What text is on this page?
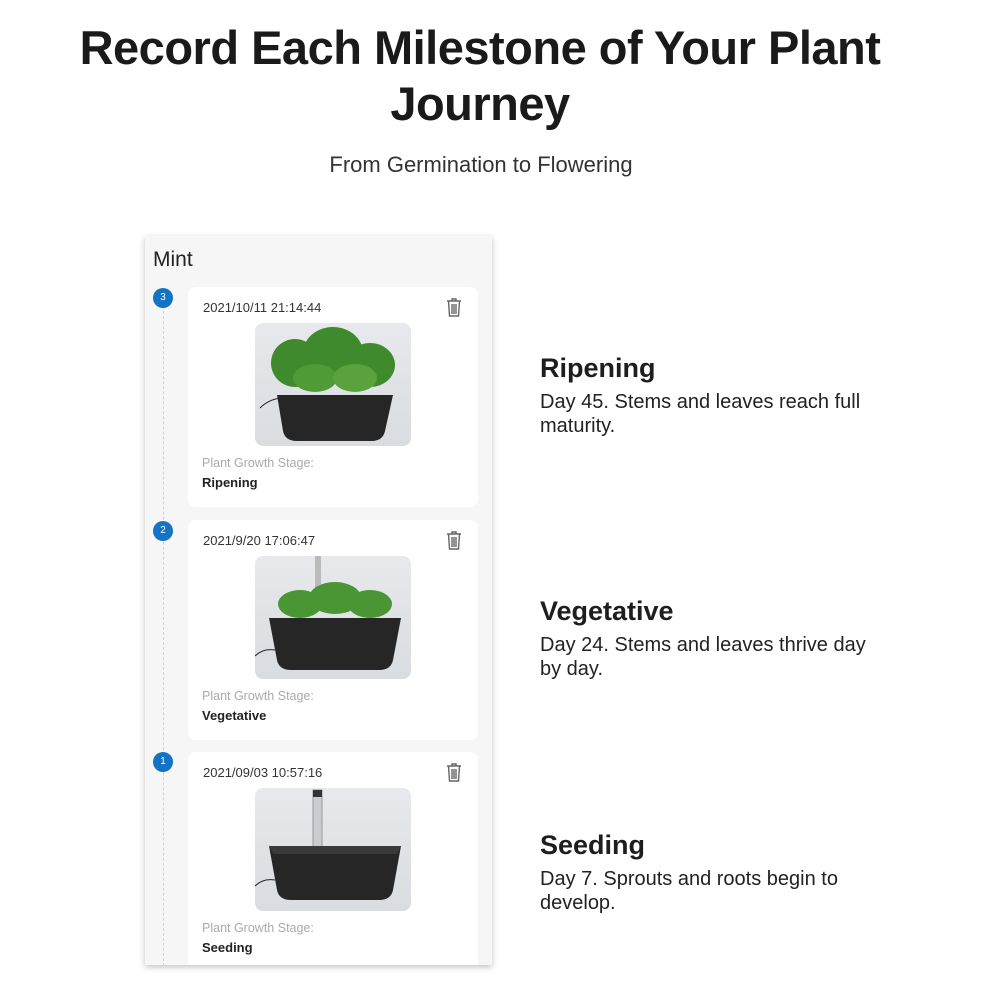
Record Each Milestone of Your Plant Journey
From Germination to Flowering
Mint
3
2021/10/11 21:14:44
Plant Growth Stage:
Ripening
2
2021/9/20 17:06:47
Plant Growth Stage:
Vegetative
1
2021/09/03 10:57:16
Plant Growth Stage:
Seeding
Ripening

Day 45. Stems and leaves reach full maturity.

Vegetative

Day 24. Stems and leaves thrive day by day.

Seeding

Day 7. Sprouts and roots begin to develop.
